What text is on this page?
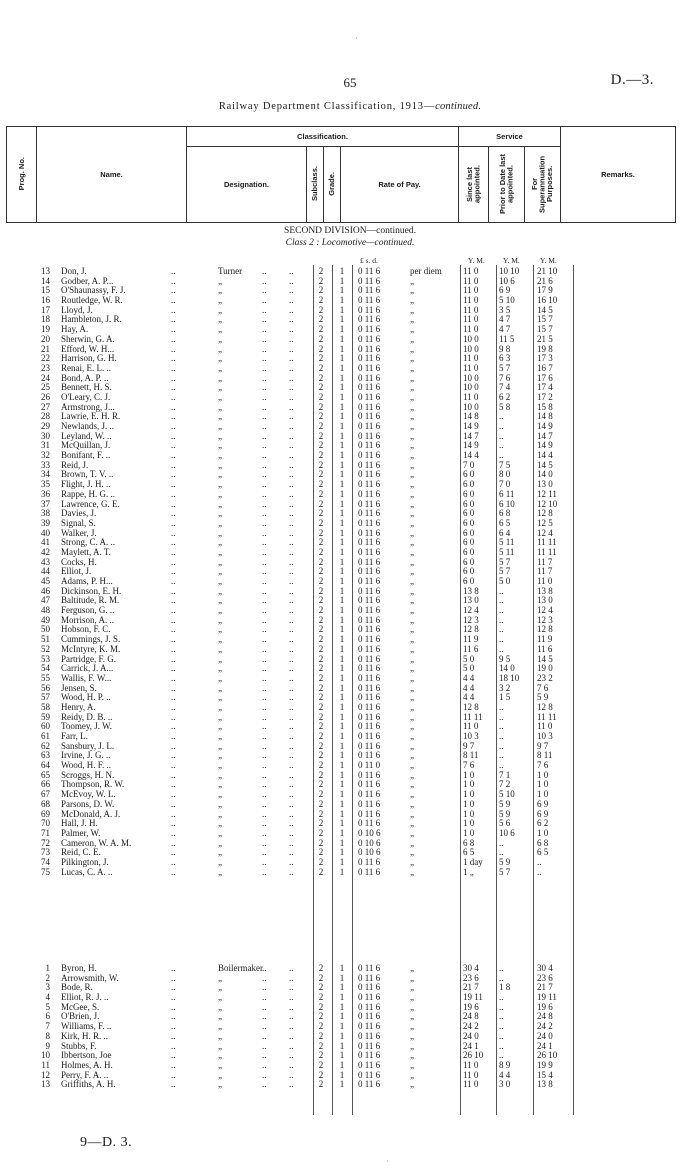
·
65	D.—3.
Railway Department Classification, 1913—continued.
Prog. No.	Name.	Classification.				Service			Remarks.
		Designation.	Subclass.	Grade.	Rate of Pay.	Since last appointed.	Prior to Date last appointed.	For Superannuation Purposes.	
SECOND DIVISION—continued.
Class 2 : Locomotive—continued.
£ s. d.	Y. M. Y. M.	Y. M.
13 Don, J.	..	Turner	..	..	2	1	0 11 6	per diem	11 0	10 10	21 10
14 Godber, A. P...	..	„	..	..	2	1	0 11 6	„	11 0	10 6	21 6
15 O'Shaunassy, F. J.	..	„	..	..	2	1	0 11 6	„	11 0	6 9	17 9
16 Routledge, W. R.	..	„	..	..	2	1	0 11 6	„	11 0	5 10	16 10
17 Lloyd, J.	..	„	..	..	2	1	0 11 6	„	11 0	3 5	14 5
18 Hambleton, J. R.	..	„	..	..	2	1	0 11 6	„	11 0	4 7	15 7
19 Hay, A.	..	„	..	..	2	1	0 11 6	„	11 0	4 7	15 7
20 Sherwin, G. A.	..	„	..	..	2	1	0 11 6	„	10 0	11 5	21 5
21 Efford, W. H...	..	„	..	..	2	1	0 11 6	„	10 0	9 8	19 8
22 Harrison, G. H.	..	„	..	..	2	1	0 11 6	„	11 0	6 3	17 3
23 Renai, E. L. ..	..	„	..	..	2	1	0 11 6	„	11 0	5 7	16 7
24 Bond, A. P. ..	..	„	..	..	2	1	0 11 6	„	10 0	7 6	17 6
25 Bennett, H. S.	..	„	..	..	2	1	0 11 6	„	10 0	7 4	17 4
26 O'Leary, C. J.	..	„	..	..	2	1	0 11 6	„	11 0	6 2	17 2
27 Armstrong, J...	..	„	..	..	2	1	0 11 6	„	10 0	5 8	15 8
28 Lawrie, E. H. R.	..	„	..	..	2	1	0 11 6	„	14 8	..	14 8
29 Newlands, J. ..	..	„	..	..	2	1	0 11 6	„	14 9	..	14 9
30 Leyland, W. ..	..	„	..	..	2	1	0 11 6	„	14 7	..	14 7
31 McQuillan, J.	..	„	..	..	2	1	0 11 6	„	14 9	..	14 9
32 Bonifant, F. ..	..	„	..	..	2	1	0 11 6	„	14 4	..	14 4
33 Reid, J.	..	„	..	..	2	1	0 11 6	„	7 0	7 5	14 5
34 Brown, T. V. ..	..	„	..	..	2	1	0 11 6	„	6 0	8 0	14 0
35 Flight, J. H. ..	..	„	..	..	2	1	0 11 6	„	6 0	7 0	13 0
36 Rappe, H. G. ..	..	„	..	..	2	1	0 11 6	„	6 0	6 11	12 11
37 Lawrence, G. E.	..	„	..	..	2	1	0 11 6	„	6 0	6 10	12 10
38 Davies, J.	..	„	..	..	2	1	0 11 6	„	6 0	6 8	12 8
39 Signal, S.	..	„	..	..	2	1	0 11 6	„	6 0	6 5	12 5
40 Walker, J.	..	„	..	..	2	1	0 11 6	„	6 0	6 4	12 4
41 Strong, C. A. ..	..	„	..	..	2	1	0 11 6	„	6 0	5 11	11 11
42 Maylett, A. T.	..	„	..	..	2	1	0 11 6	„	6 0	5 11	11 11
43 Cocks, H.	..	„	..	..	2	1	0 11 6	„	6 0	5 7	11 7
44 Elliot, J.	..	„	..	..	2	1	0 11 6	„	6 0	5 7	11 7
45 Adams, P. H...	..	„	..	..	2	1	0 11 6	„	6 0	5 0	11 0
46 Dickinson, E. H.	..	„	..	..	2	1	0 11 6	„	13 8	..	13 8
47 Baltitude, R. M.	..	„	..	..	2	1	0 11 6	„	13 0	..	13 0
48 Ferguson, G. ..	..	„	..	..	2	1	0 11 6	„	12 4	..	12 4
49 Morrison, A. ..	..	„	..	..	2	1	0 11 6	„	12 3	..	12 3
50 Hobson, F. C.	..	„	..	..	2	1	0 11 6	„	12 8	..	12 8
51 Cummings, J. S.	..	„	..	..	2	1	0 11 6	„	11 9	..	11 9
52 McIntyre, K. M.	..	„	..	..	2	1	0 11 6	„	11 6	..	11 6
53 Partridge, F. G.	..	„	..	..	2	1	0 11 6	„	5 0	9 5	14 5
54 Carrick, J. A...	..	„	..	..	2	1	0 11 6	„	5 0	14 0	19 0
55 Wallis, F. W...	..	„	..	..	2	1	0 11 6	„	4 4	18 10	23 2
56 Jensen, S.	..	„	..	..	2	1	0 11 6	„	4 4	3 2	7 6
57 Wood, H. P. ..	..	„	..	..	2	1	0 11 6	„	4 4	1 5	5 9
58 Henry, A.	..	„	..	..	2	1	0 11 6	„	12 8	..	12 8
59 Reidy, D. B. ..	..	„	..	..	2	1	0 11 6	„	11 11	..	11 11
60 Toomey, J. W.	..	„	..	..	2	1	0 11 6	„	11 0	..	11 0
61 Farr, L.	..	„	..	..	2	1	0 11 6	„	10 3	..	10 3
62 Sansbury, J. L.	..	„	..	..	2	1	0 11 6	„	9 7	..	9 7
63 Irvine, J. G. ..	..	„	..	..	2	1	0 11 6	„	8 11	..	8 11
64 Wood, H. F. ..	..	„	..	..	2	1	0 11 0	„	7 6	..	7 6
65 Scroggs, H. N.	..	„	..	..	2	1	0 11 6	„	1 0	7 1	1 0
66 Thompson, R. W.	..	„	..	..	2	1	0 11 6	„	1 0	7 2	1 0
67 McEvoy, W. L.	..	„	..	..	2	1	0 11 6	„	1 0	5 10	1 0
68 Parsons, D. W.	..	„	..	..	2	1	0 11 6	„	1 0	5 9	6 9
69 McDonald, A. J.	..	„	..	..	2	1	0 11 6	„	1 0	5 9	6 9
70 Hall, J. H.	..	„	..	..	2	1	0 11 6	„	1 0	5 6	6 2
71 Palmer, W.	..	„	..	..	2	1	0 10 6	„	1 0	10 6	1 0
72 Cameron, W. A. M.	..	„	..	..	2	1	0 10 6	„	6 8	..	6 8
73 Reid, C. E.	..	„	..	..	2	1	0 10 6	„	6 5	..	6 5
74 Pilkington, J.	..	„	..	..	2	1	0 11 6	„	1 day	5 9	..
75 Lucas, C. A. ..	..	„	..	..	2	1	0 11 6	„	1 „	5 7	..
1 Byron, H.	..	Boilermaker ..	..	2	1	0 11 6	„	30 4	..	30 4
2 Arrowsmith, W.	..	„	..	..	2	1	0 11 6	„	23 6	..	23 6
3 Bode, R.	..	„	..	..	2	1	0 11 6	„	21 7	1 8	21 7
4 Elliot, R. J. ..	..	„	..	..	2	1	0 11 6	„	19 11	..	19 11
5 McGee, S.	..	„	..	..	2	1	0 11 6	„	19 6	..	19 6
6 O'Brien, J.	..	„	..	..	2	1	0 11 6	„	24 8	..	24 8
7 Williams, F. ..	..	„	..	..	2	1	0 11 6	„	24 2	..	24 2
8 Kirk, H. R. ..	..	„	..	..	2	1	0 11 6	„	24 0	..	24 0
9 Stubbs, F.	..	„	..	..	2	1	0 11 6	„	24 1	..	24 1
10 Ibbertson, Joe	..	„	..	..	2	1	0 11 6	„	26 10	..	26 10
11 Holmes, A. H.	..	„	..	..	2	1	0 11 6	„	11 0	8 9	19 9
12 Perry, F. A. ..	..	„	..	..	2	1	0 11 6	„	11 0	4 4	15 4
13 Griffiths, A. H.	..	„	..	..	2	1	0 11 6	„	11 0	3 0	13 8
9—D. 3.
·
